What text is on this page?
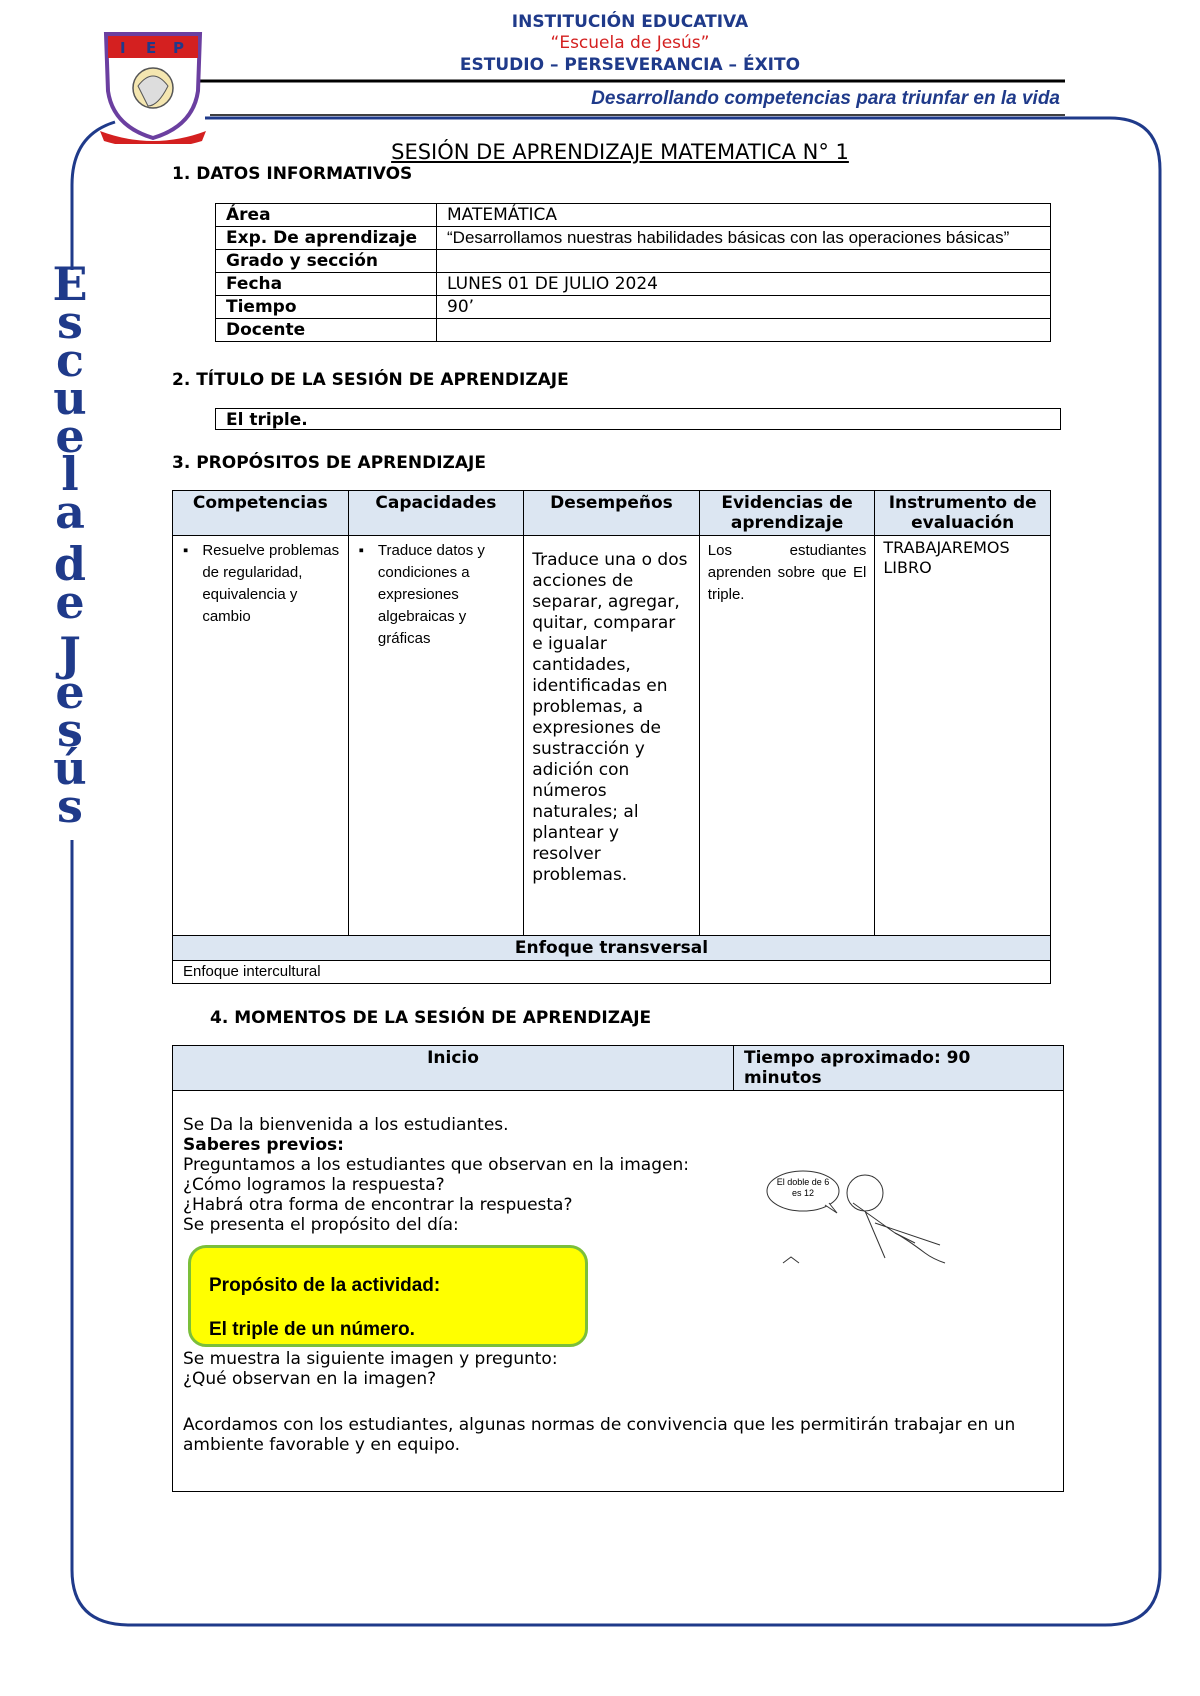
I E P
INSTITUCIÓN EDUCATIVA
“Escuela de Jesús”
ESTUDIO – PERSEVERANCIA – ÉXITO
Desarrollando competencias para triunfar en la vida
E
s
c
u
e
l
a
d
e
J
e
s
ú
s
SESIÓN DE APRENDIZAJE MATEMATICA N° 1
1. DATOS INFORMATIVOS
Área	MATEMÁTICA
Exp. De aprendizaje	“Desarrollamos nuestras habilidades básicas con las operaciones básicas”
Grado y sección	
Fecha	LUNES 01 DE JULIO 2024
Tiempo	90’
Docente	
2. TÍTULO DE LA SESIÓN DE APRENDIZAJE
El triple.
3. PROPÓSITOS DE APRENDIZAJE
Competencias	Capacidades	Desempeños	Evidencias de aprendizaje	Instrumento de evaluación

▪ Resuelve problemas de regularidad, equivalencia y cambio	▪ Traduce datos y condiciones a expresiones algebraicas y gráficas	Traduce una o dos acciones de separar, agregar, quitar, comparar e igualar cantidades, identificadas en problemas, a expresiones de sustracción y adición con números naturales; al plantear y resolver problemas.	Los estudiantes aprenden sobre que El triple.	TRABAJAREMOS LIBRO
Enfoque transversal				
Enfoque intercultural				
4. MOMENTOS DE LA SESIÓN DE APRENDIZAJE
Inicio	Tiempo aproximado: 90 minutos

Se Da la bienvenida a los estudiantes.
Saberes previos:
Preguntamos a los estudiantes que observan en la imagen:
¿Cómo logramos la respuesta?
¿Habrá otra forma de encontrar la respuesta?
Se presenta el propósito del día:
Se muestra la siguiente imagen y pregunto:
¿Qué observan en la imagen?
Acordamos con los estudiantes, algunas normas de convivencia que les permitirán trabajar en un ambiente favorable y en equipo.
Propósito de la actividad:
El triple de un número.
El doble de 6 es 12
